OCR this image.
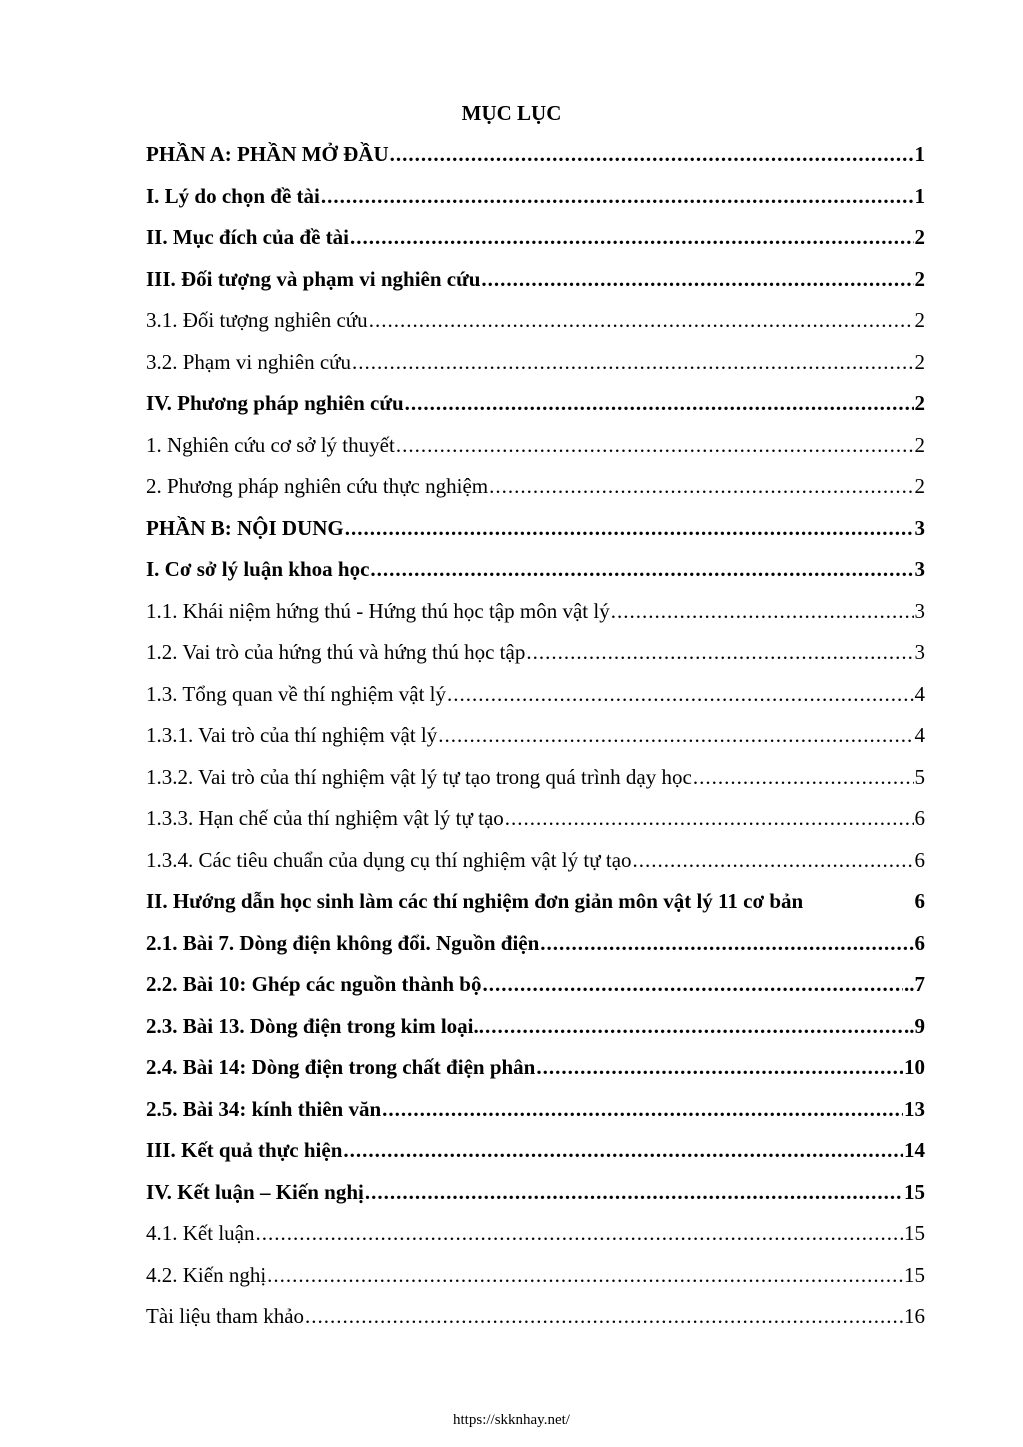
MỤC LỤC
PHẦN A: PHẦN MỞ ĐẦU .....	1
I. Lý do chọn đề tài .....	1
II. Mục đích của đề tài .....	2
III. Đối tượng và phạm vi nghiên cứu .....	2
3.1. Đối tượng nghiên cứu .....	2
3.2. Phạm vi nghiên cứu .....	2
IV. Phương pháp nghiên cứu .....	2
1. Nghiên cứu cơ sở lý thuyết .....	2
2. Phương pháp nghiên cứu thực nghiệm .....	2
PHẦN B: NỘI DUNG .....	3
I. Cơ sở lý luận khoa học .....	3
1.1. Khái niệm hứng thú - Hứng thú học tập môn vật lý .....	3
1.2. Vai trò của hứng thú và hứng thú học tập .....	3
1.3. Tổng quan về thí nghiệm vật lý .....	4
1.3.1. Vai trò của thí nghiệm vật lý .....	4
1.3.2. Vai trò của thí nghiệm vật lý tự tạo trong quá trình dạy học .....	5
1.3.3. Hạn chế của thí nghiệm vật lý tự tạo .....	6
1.3.4. Các tiêu chuẩn của dụng cụ thí nghiệm vật lý tự tạo .....	6
II. Hướng dẫn học sinh làm các thí nghiệm đơn giản môn vật lý 11 cơ bản	6
2.1. Bài 7. Dòng điện không đổi. Nguồn điện .....	6
2.2. Bài 10: Ghép các nguồn thành bộ .....	..7
2.3. Bài 13. Dòng điện trong kim loại.. .....	..9
2.4. Bài 14: Dòng điện trong chất điện phân .....	10
2.5. Bài 34: kính thiên văn .....	13
III. Kết quả thực hiện .....	14
IV. Kết luận – Kiến nghị .....	15
4.1. Kết luận .....	15
4.2. Kiến nghị .....	15
Tài liệu tham khảo .....	16
https://skknhay.net/
